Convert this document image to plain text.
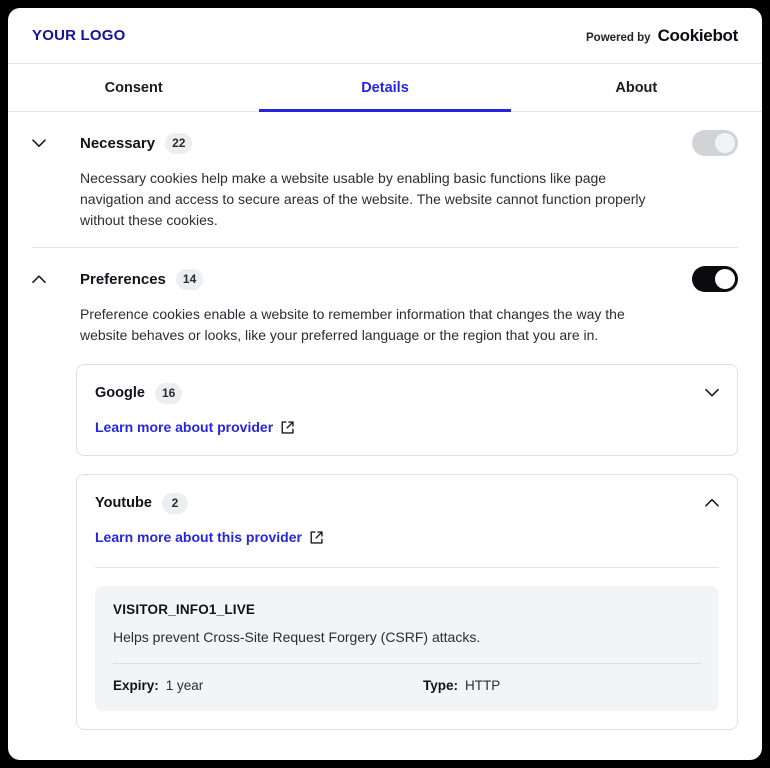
YOUR LOGO	Powered by Cookiebot
Consent	Details	About
Necessary	22

Necessary cookies help make a website usable by enabling basic functions like page navigation and access to secure areas of the website. The website cannot function properly without these cookies.

Preferences	14

Preference cookies enable a website to remember information that changes the way the website behaves or looks, like your preferred language or the region that you are in.

Google	16
Learn more about provider
Youtube	2
Learn more about this provider
VISITOR_INFO1_LIVE
Helps prevent Cross-Site Request Forgery (CSRF) attacks.
Expiry: 1 year	Type: HTTP
